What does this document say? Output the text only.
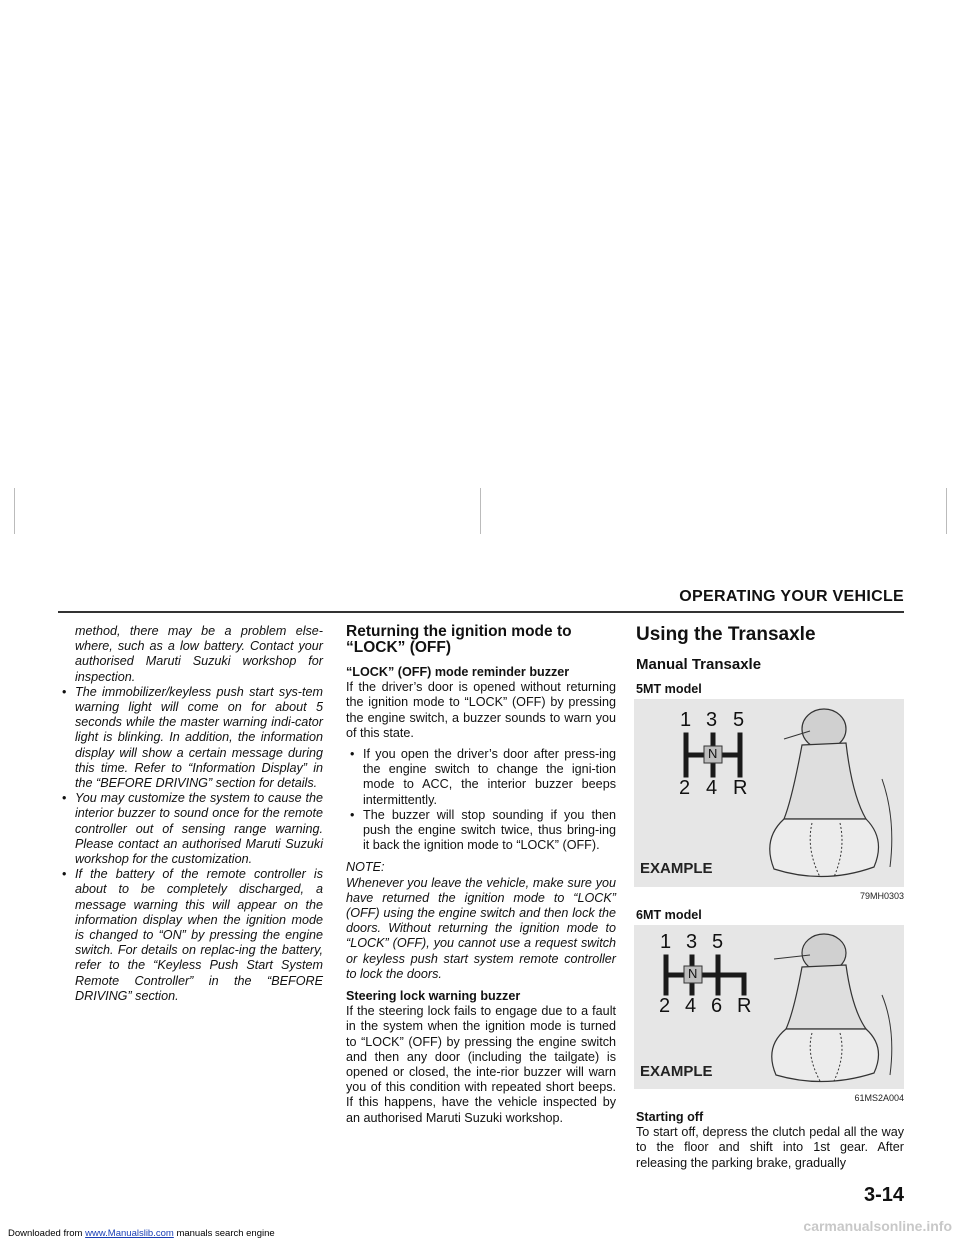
OPERATING YOUR VEHICLE

method, there may be a problem else-where, such as a low battery. Contact your authorised Maruti Suzuki workshop for inspection.

• The immobilizer/keyless push start sys-tem warning light will come on for about 5 seconds while the master warning indi-cator light is blinking. In addition, the information display will show a certain message during this time. Refer to “Information Display” in the “BEFORE DRIVING” section for details.
• You may customize the system to cause the interior buzzer to sound once for the remote controller out of sensing range warning. Please contact an authorised Maruti Suzuki workshop for the customization.
• If the battery of the remote controller is about to be completely discharged, a message warning this will appear on the information display when the ignition mode is changed to “ON” by pressing the engine switch. For details on replac-ing the battery, refer to the “Keyless Push Start System Remote Controller” in the “BEFORE DRIVING” section.
Returning the ignition mode to “LOCK” (OFF)

“LOCK” (OFF) mode reminder buzzer

If the driver’s door is opened without returning the ignition mode to “LOCK” (OFF) by pressing the engine switch, a buzzer sounds to warn you of this state.

• If you open the driver’s door after press-ing the engine switch to change the igni-tion mode to ACC, the interior buzzer beeps intermittently.
• The buzzer will stop sounding if you then push the engine switch twice, thus bring-ing it back the ignition mode to “LOCK” (OFF).

NOTE:

Whenever you leave the vehicle, make sure you have returned the ignition mode to “LOCK” (OFF) using the engine switch and then lock the doors. Without returning the ignition mode to “LOCK” (OFF), you cannot use a request switch or keyless push start system remote controller to lock the doors.

Steering lock warning buzzer

If the steering lock fails to engage due to a fault in the system when the ignition mode is turned to “LOCK” (OFF) by pressing the engine switch and then any door (including the tailgate) is opened or closed, the inte-rior buzzer will warn you of this condition with repeated short beeps. If this happens, have the vehicle inspected by an authorised Maruti Suzuki workshop.

Using the Transaxle
Manual Transaxle
5MT model
1 3 5
2 4 R
N
EXAMPLE
79MH0303
6MT model
1 3 5
2 4 6 R
N
EXAMPLE
61MS2A004

Starting off

To start off, depress the clutch pedal all the way to the floor and shift into 1st gear. After releasing the parking brake, gradually

3-14
Downloaded from www.Manualslib.com manuals search engine	carmanualsonline.info
